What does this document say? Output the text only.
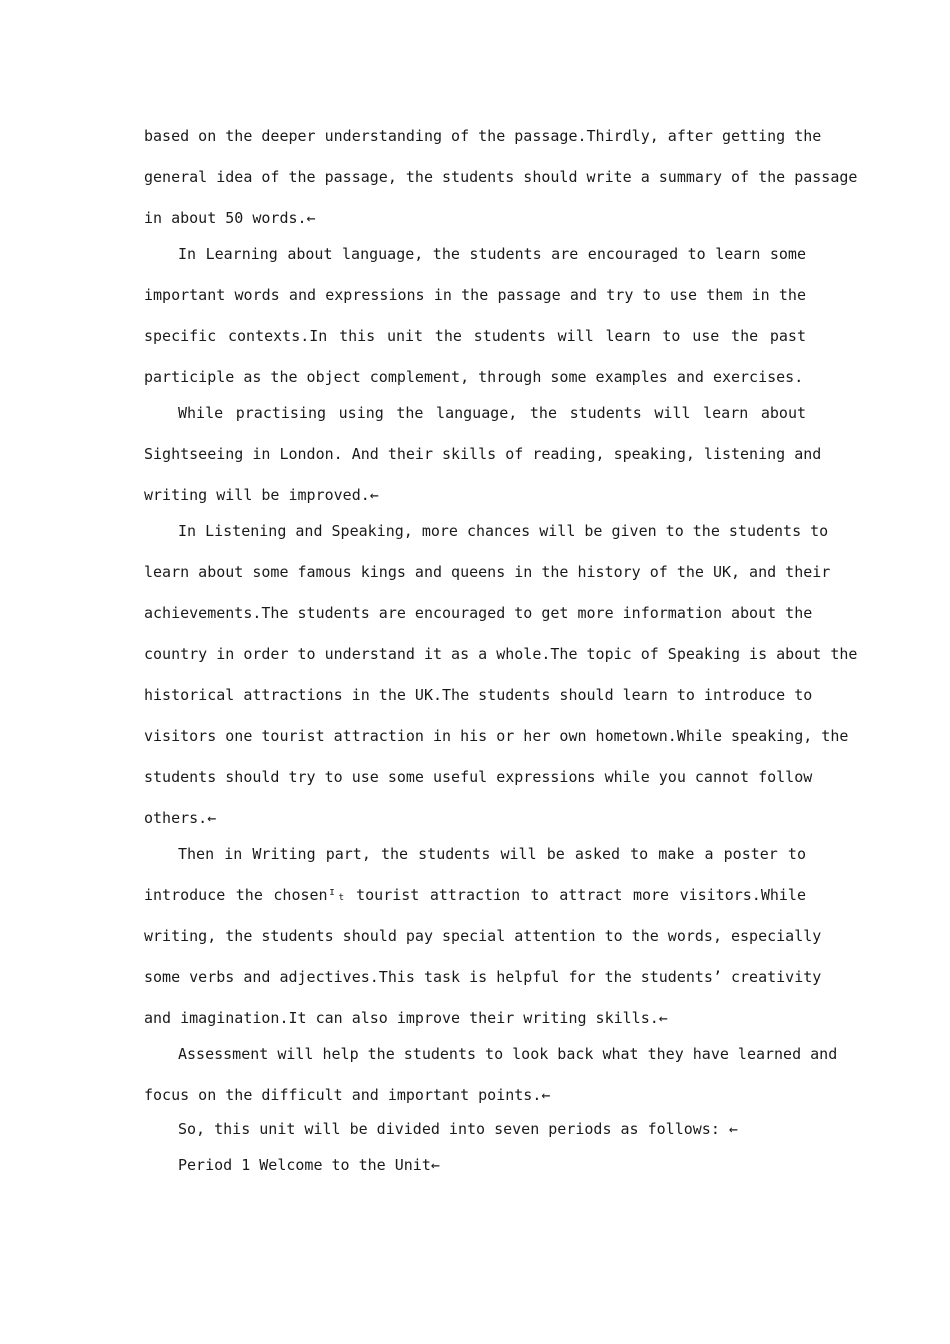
based on the deeper understanding of the passage.Thirdly, after getting the
general idea of the passage, the students should write a summary of the passage
in about 50 words.←
In Learning about language, the students are encouraged to learn some
important words and expressions in the passage and try to use them in the
specific contexts.In this unit the students will learn to use the past
participle as the object complement, through some examples and exercises.
While practising using the language, the students will learn about
Sightseeing in London. And their skills of reading, speaking, listening and
writing will be improved.←
In Listening and Speaking, more chances will be given to the students to
learn about some famous kings and queens in the history of the UK, and their
achievements.The students are encouraged to get more information about the
country in order to understand it as a whole.The topic of Speaking is about the
historical attractions in the UK.The students should learn to introduce to
visitors one tourist attraction in his or her own hometown.While speaking, the
students should try to use some useful expressions while you cannot follow
others.←
Then in Writing part, the students will be asked to make a poster to
introduce the chosenᴵₜ tourist attraction to attract more visitors.While
writing, the students should pay special attention to the words, especially
some verbs and adjectives.This task is helpful for the students’ creativity
and imagination.It can also improve their writing skills.←
Assessment will help the students to look back what they have learned and
focus on the difficult and important points.←
So, this unit will be divided into seven periods as follows: ←
Period 1 Welcome to the Unit←
